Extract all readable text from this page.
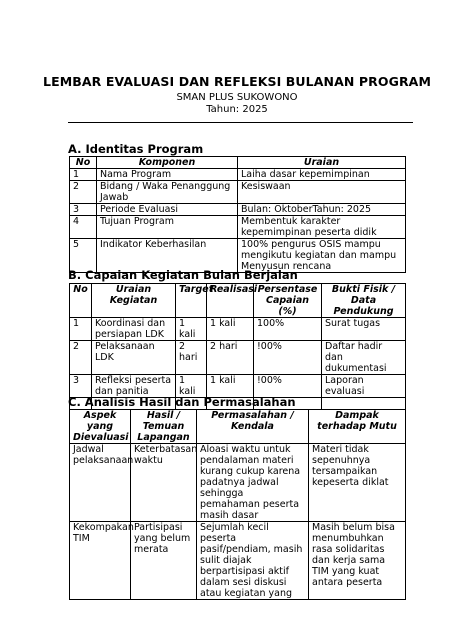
LEMBAR EVALUASI DAN REFLEKSI BULANAN PROGRAM
SMAN PLUS SUKOWONO
Tahun: 2025
A. Identitas Program
No	Komponen	Uraian
1	Nama Program	Laiha dasar kepemimpinan
2	Bidang / Waka Penanggung Jawab	Kesiswaan
3	Periode Evaluasi	Bulan: OktoberTahun: 2025
4	Tujuan Program	Membentuk karakter kepemimpinan peserta didik
5	Indikator Keberhasilan	100% pengurus OSIS mampu mengikutu kegiatan dan mampu Menyusun rencana
B. Capaian Kegiatan Bulan Berjalan
No	Uraian Kegiatan	Target	Realisasi	Persentase Capaian (%)	Bukti Fisik / Data Pendukung
1	Koordinasi dan persiapan LDK	1 kali	1 kali	100%	Surat tugas
2	Pelaksanaan LDK	2 hari	2 hari	!00%	Daftar hadir dan dukumentasi
3	Refleksi peserta dan panitia	1 kali	1 kali	!00%	Laporan evaluasi

C. Analisis Hasil dan Permasalahan
Aspek yang Dievaluasi	Hasil / Temuan Lapangan	Permasalahan / Kendala	Dampak terhadap Mutu
Jadwal pelaksanaan	Keterbatasan waktu	Aloasi waktu untuk pendalaman materi kurang cukup karena padatnya jadwal sehingga pemahaman peserta masih dasar	Materi tidak sepenuhnya tersampaikan kepeserta diklat
Kekompakan TIM	Partisipasi yang belum merata	Sejumlah kecil peserta pasif/pendiam, masih sulit diajak berpartisipasi aktif dalam sesi diskusi atau kegiatan yang	Masih belum bisa menumbuhkan rasa solidaritas dan kerja sama TIM yang kuat antara peserta
